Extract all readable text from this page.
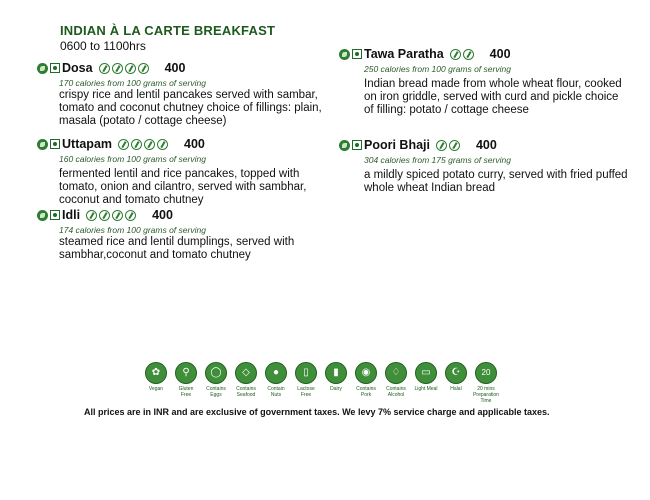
INDIAN À LA CARTE BREAKFAST
0600 to 1100hrs
Dosa	400
170 calories from 100 grams of serving
crispy rice and lentil pancakes served with sambar, tomato and coconut chutney choice of fillings: plain, masala (potato / cottage cheese)
Uttapam	400
160 calories from 100 grams of serving
fermented lentil and rice pancakes, topped with tomato, onion and cilantro, served with sambhar, coconut and tomato chutney
Idli	400
174 calories from 100 grams of serving
steamed rice and lentil dumplings, served with sambhar,coconut and tomato chutney
Tawa Paratha	400
250 calories from 100 grams of serving
Indian bread made from whole wheat flour, cooked on iron griddle, served with curd and pickle choice of filling: potato / cottage cheese
Poori Bhaji	400
304 calories from 175 grams of serving
a mildly spiced potato curry, served with fried puffed whole wheat Indian bread
✿
Vegan
⚲
Gluten Free
◯
Contains Eggs
◇
Contains Seafood
●
Contain Nuts
▯
Lactose Free
▮
Dairy
◉
Contains Pork
♢
Contains Alcohol
▭
Light Meal
☪
Halal
20
20 mins Preparation Time
All prices are in INR and are exclusive of government taxes. We levy 7% service charge and applicable taxes.
